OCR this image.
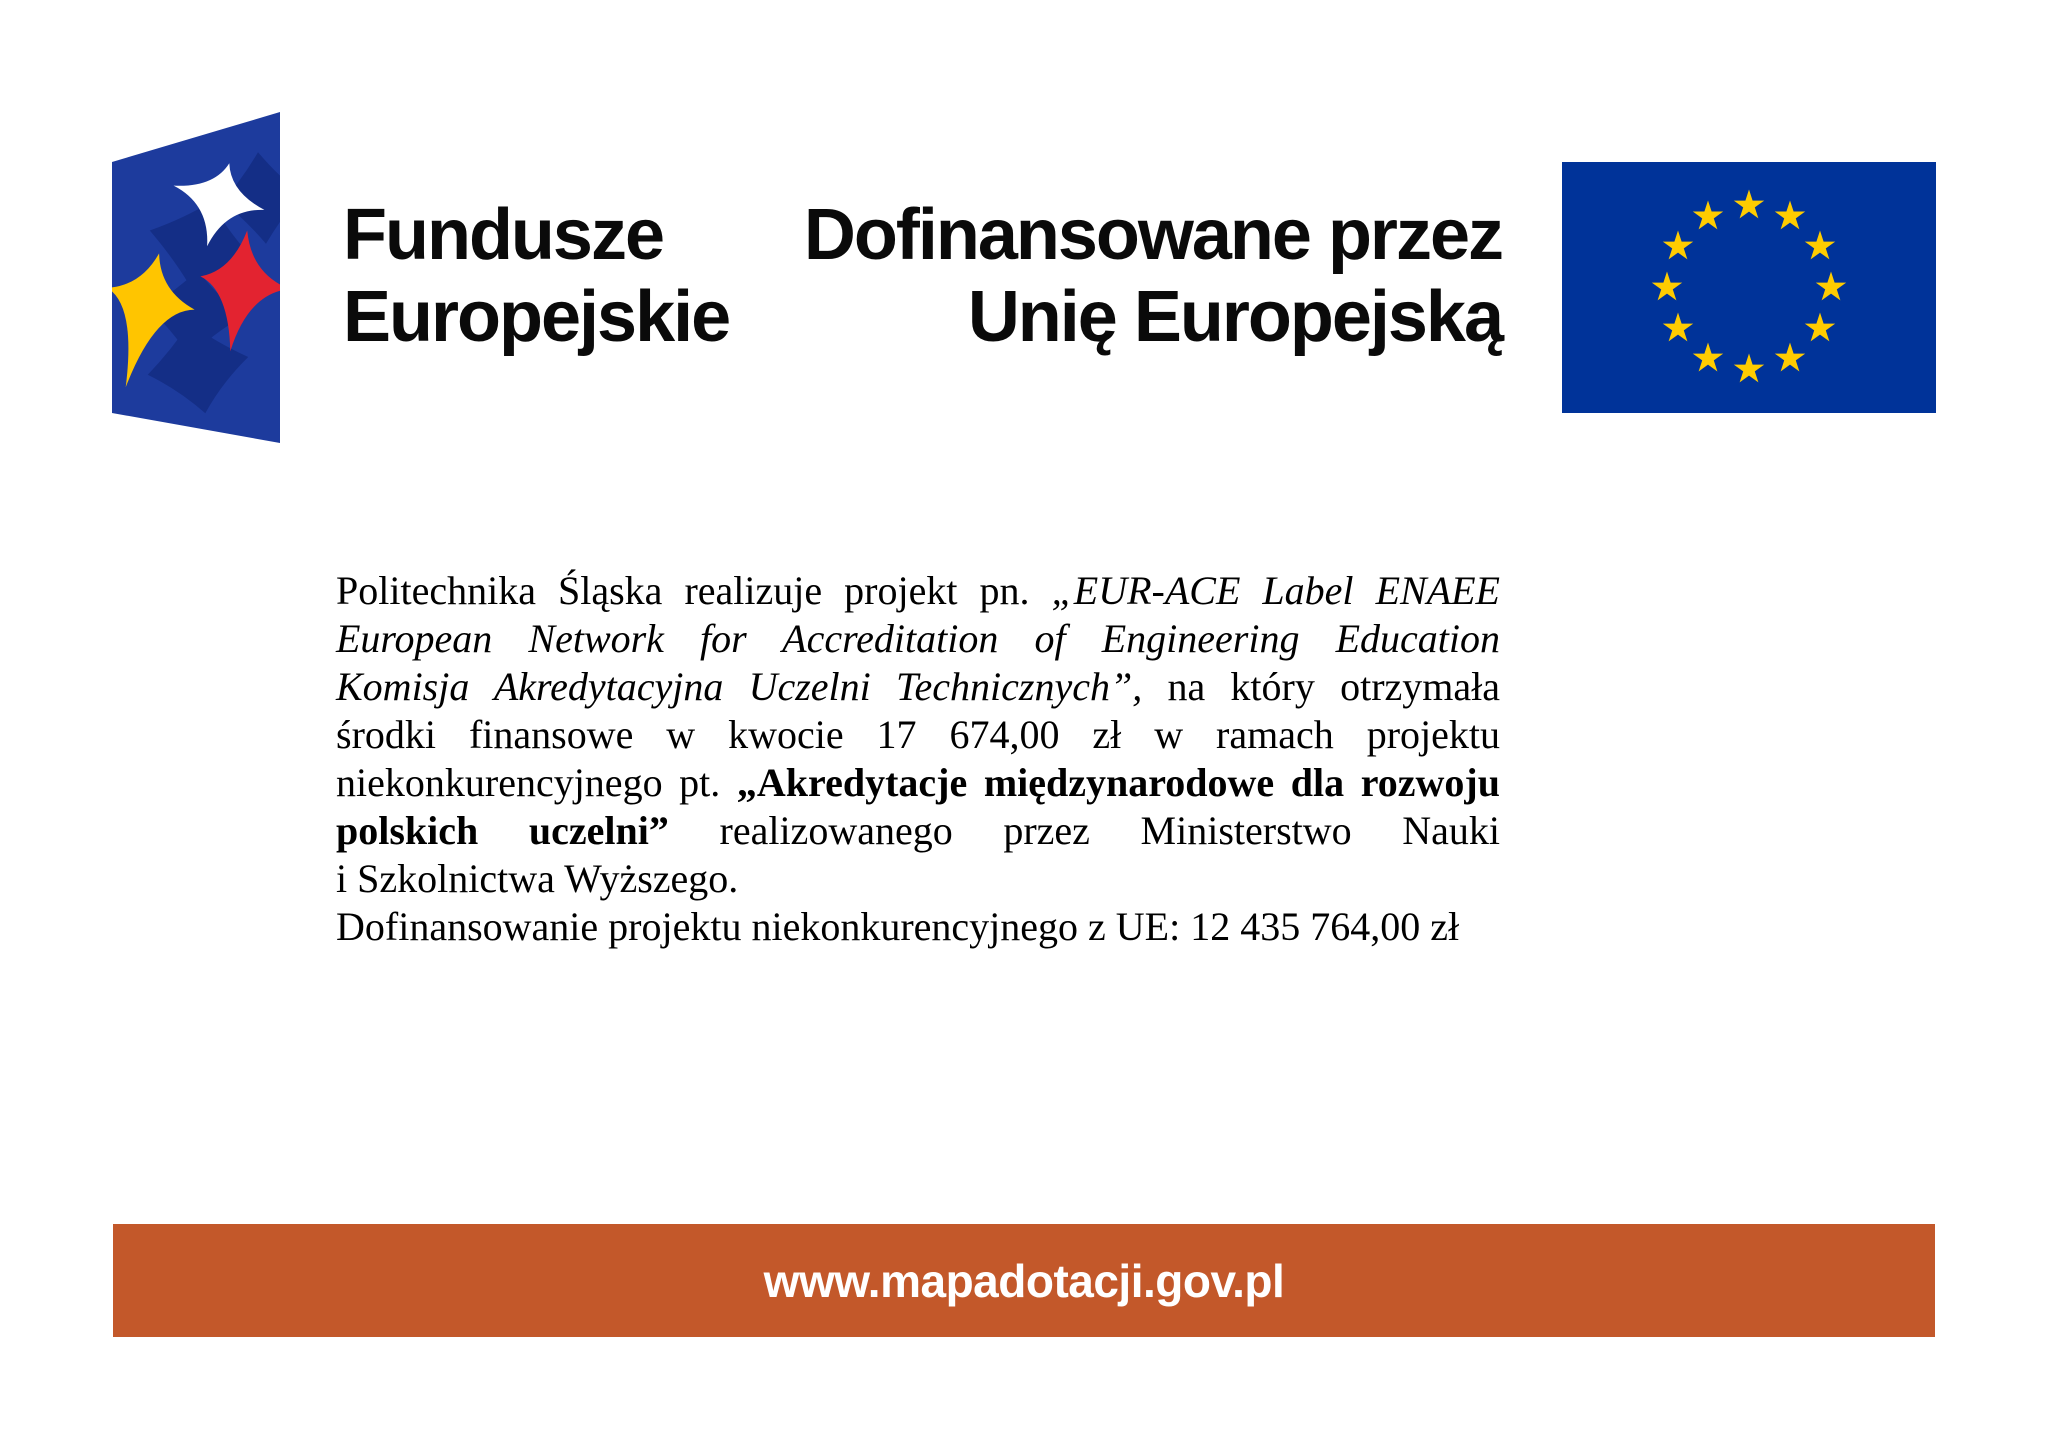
Fundusze
Europejskie
Dofinansowane przez
Unię Europejską
Politechnika Śląska realizuje projekt pn. „EUR-ACE Label ENAEE
European Network for Accreditation of Engineering Education
Komisja Akredytacyjna Uczelni Technicznych”, na który otrzymała
środki finansowe w kwocie 17 674,00 zł w ramach projektu
niekonkurencyjnego pt. „Akredytacje międzynarodowe dla rozwoju
polskich uczelni” realizowanego przez Ministerstwo Nauki
i Szkolnictwa Wyższego.
Dofinansowanie projektu niekonkurencyjnego z UE: 12 435 764,00 zł
www.mapadotacji.gov.pl
